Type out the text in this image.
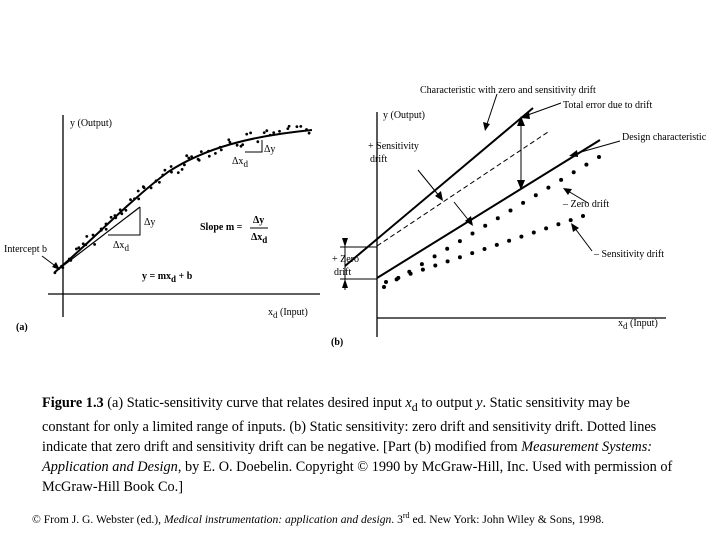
y (Output)
xd (Input)
(a)
Intercept b
Δy
Δxd
Δy
Δxd
Slope m =
Δy
Δxd
y = mxd + b
y (Output)
xd (Input)
(b)
Characteristic with zero and sensitivity drift
Total error due to drift
Design characteristic
+ Sensitivity
drift
– Zero drift
– Sensitivity drift
+ Zero
drift
Figure 1.3 (a) Static-sensitivity curve that relates desired input $x_d$ to output y. Static sensitivity may be constant for only a limited range of inputs. (b) Static sensitivity: zero drift and sensitivity drift. Dotted lines indicate that zero drift and sensitivity drift can be negative. [Part (b) modified from Measurement Systems: Application and Design, by E. O. Doebelin. Copyright © 1990 by McGraw-Hill, Inc. Used with permission of McGraw-Hill Book Co.]
© From J. G. Webster (ed.), Medical instrumentation: application and design. 3rd ed. New York: John Wiley & Sons, 1998.
